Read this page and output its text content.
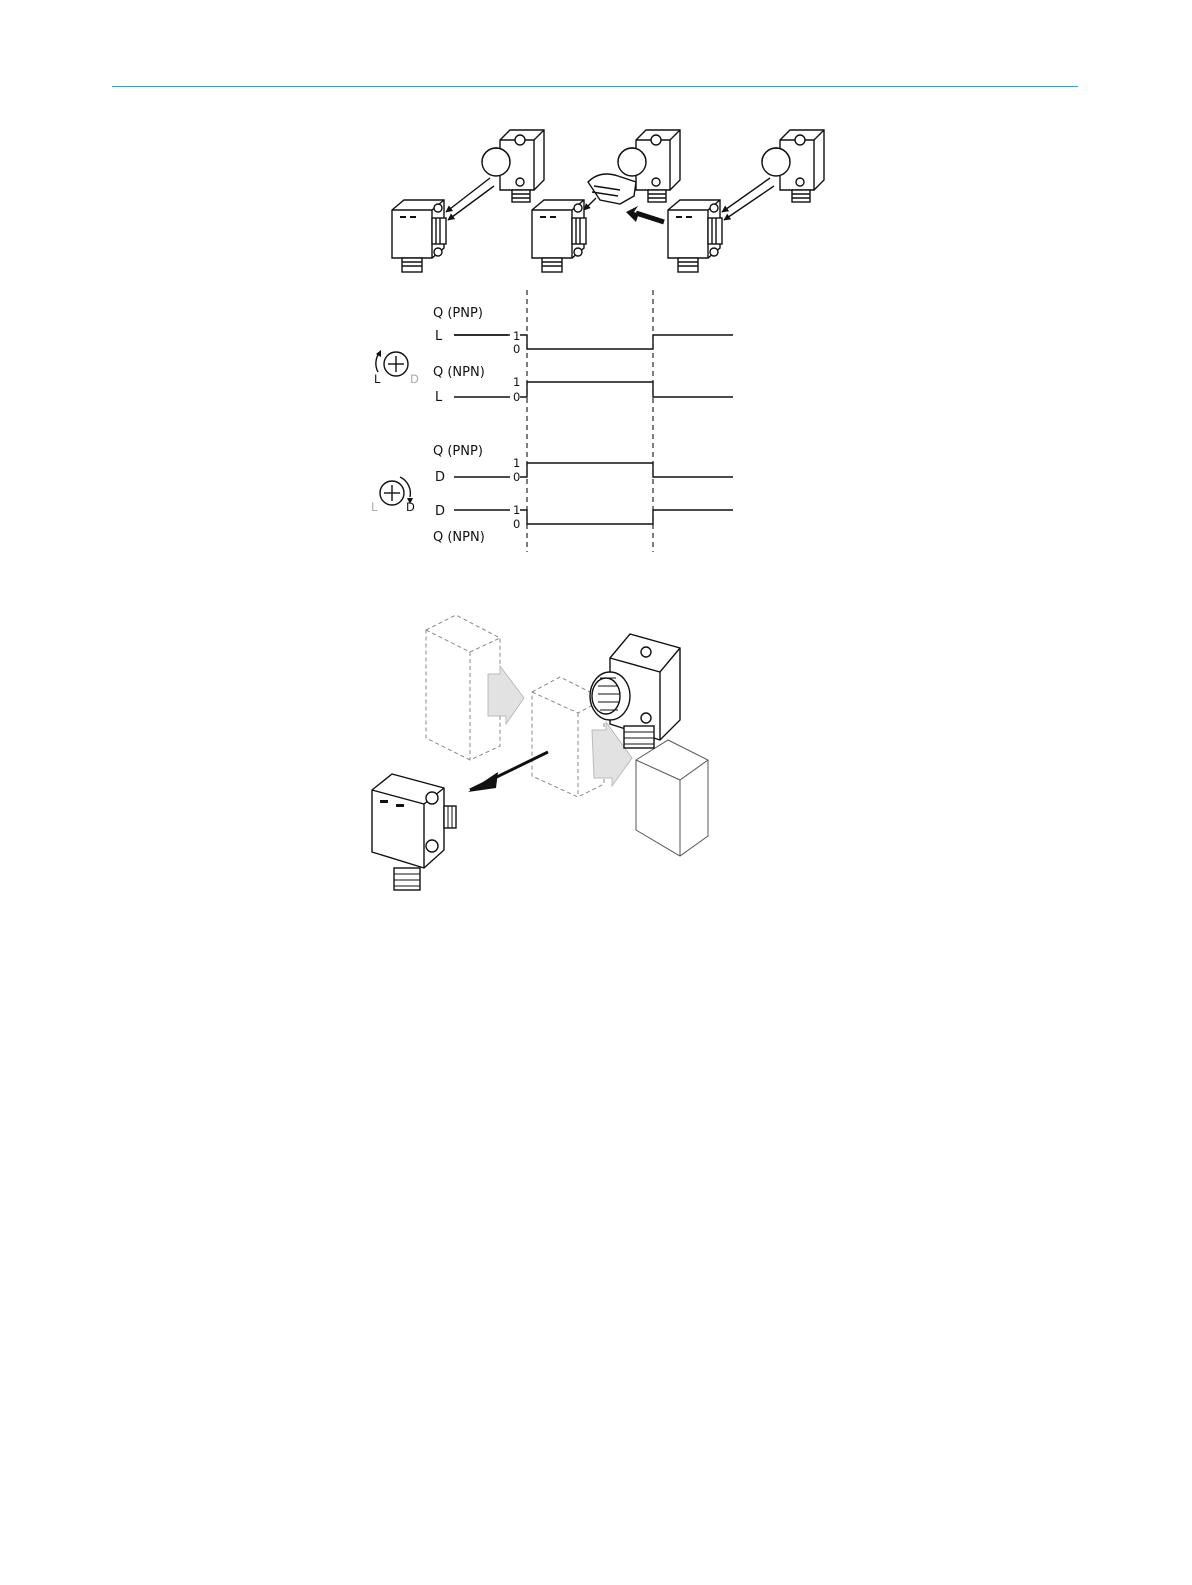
L	D
Q (PNP)
L	1
0
Q (NPN)
1
0
L
L D
Q (PNP)
1
0
D
D	1
0
Q (NPN)
